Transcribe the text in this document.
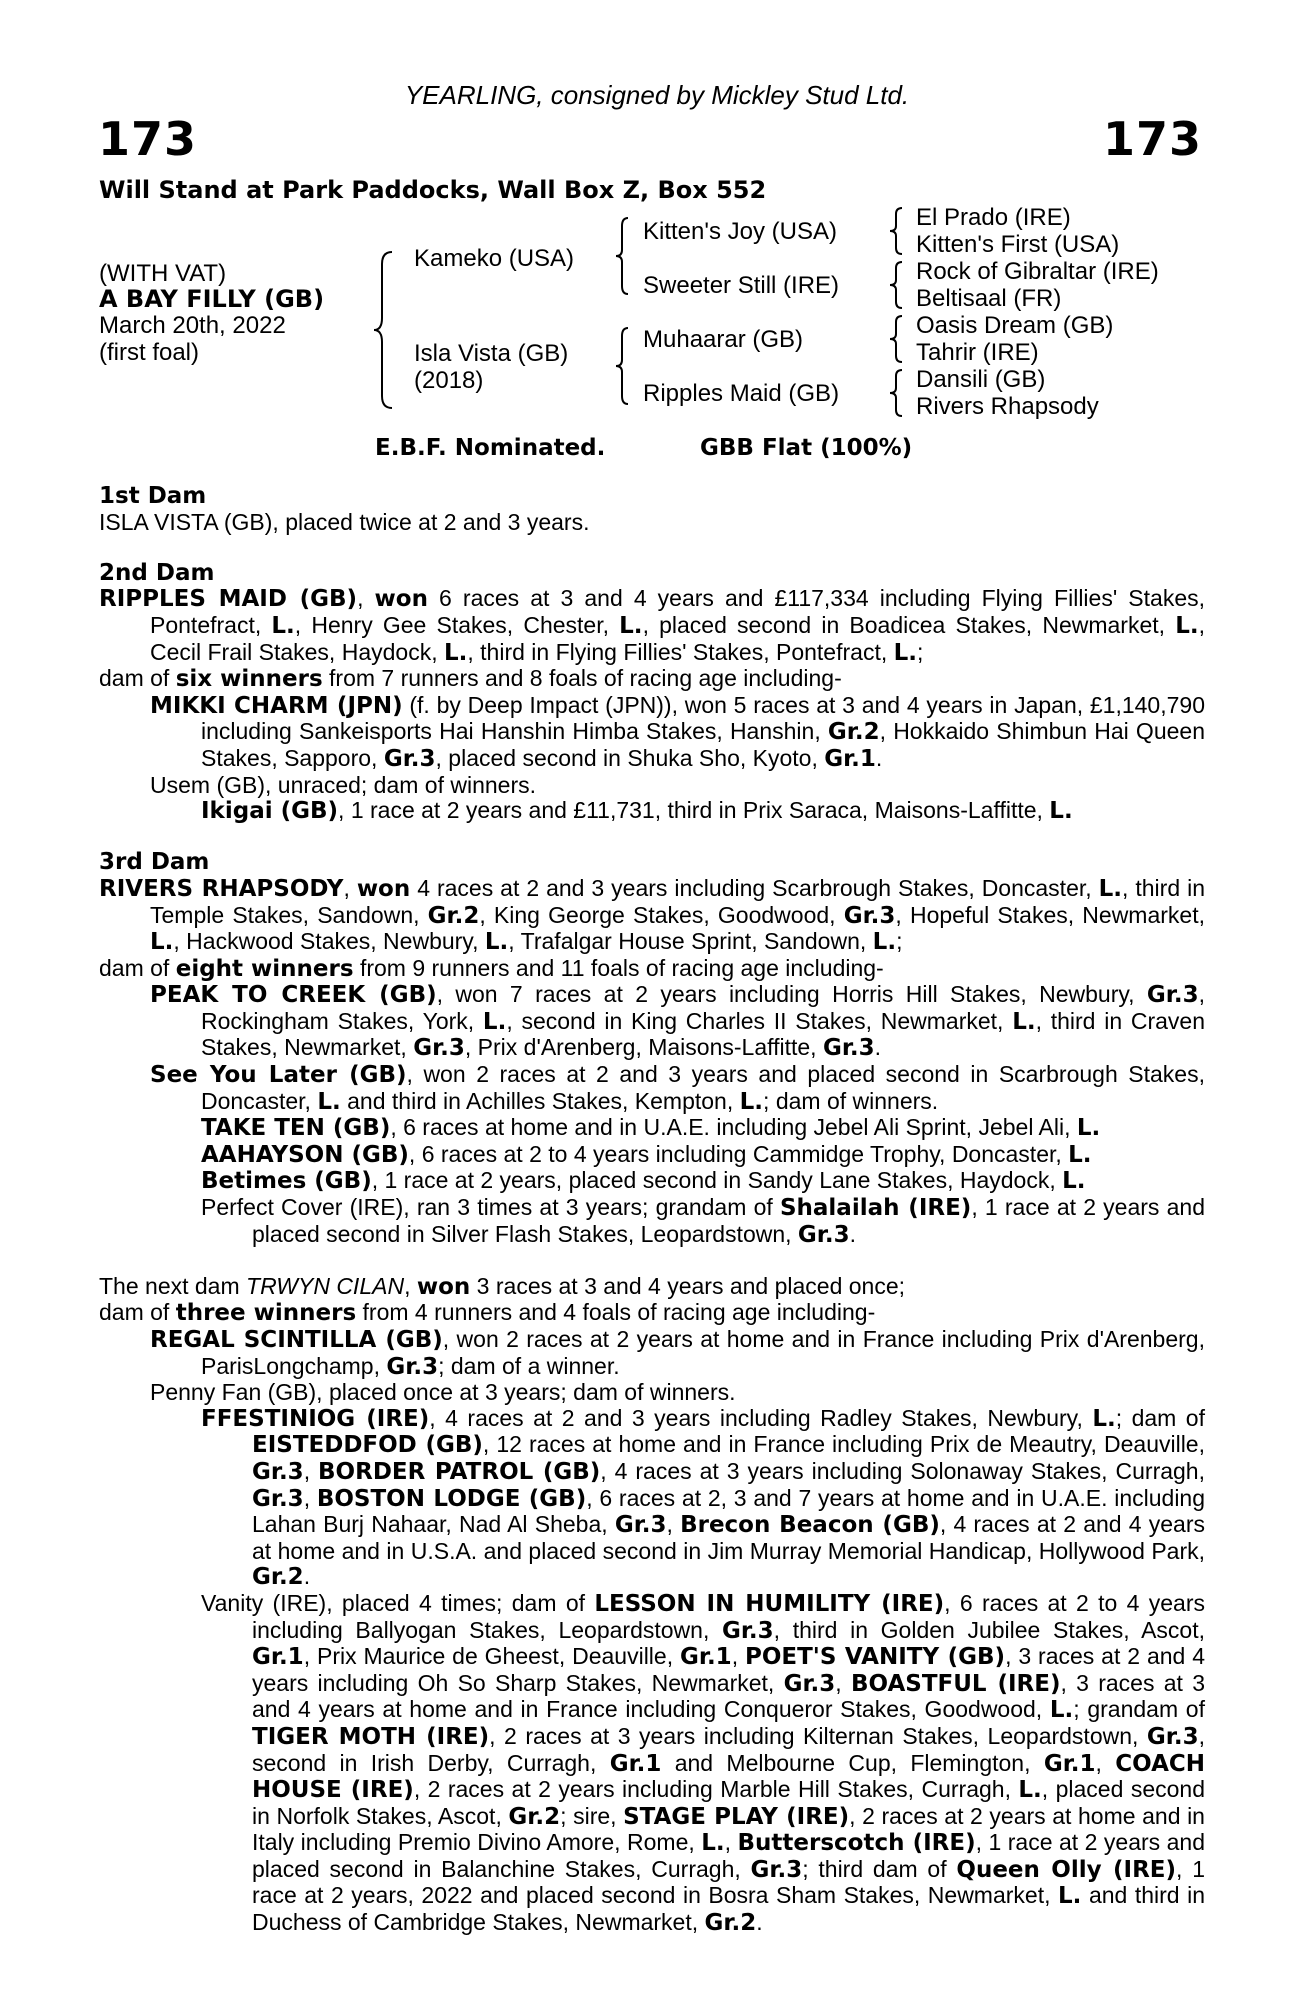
YEARLING, consigned by Mickley Stud Ltd.
173	173
Will Stand at Park Paddocks, Wall Box Z, Box 552
(WITH VAT)
A BAY FILLY (GB)
March 20th, 2022
(first foal)
Kameko (USA)
Isla Vista (GB)
(2018)
Kitten's Joy (USA)
Sweeter Still (IRE)
Muhaarar (GB)
Ripples Maid (GB)
El Prado (IRE)
Kitten's First (USA)
Rock of Gibraltar (IRE)
Beltisaal (FR)
Oasis Dream (GB)
Tahrir (IRE)
Dansili (GB)
Rivers Rhapsody
E.B.F. Nominated.	GBB Flat (100%)

1st Dam

ISLA VISTA (GB), placed twice at 2 and 3 years.

2nd Dam

RIPPLES MAID (GB), won 6 races at 3 and 4 years and £117,334 including Flying Fillies' Stakes, Pontefract, L., Henry Gee Stakes, Chester, L., placed second in Boadicea Stakes, Newmarket, L., Cecil Frail Stakes, Haydock, L., third in Flying Fillies' Stakes, Pontefract, L.;

dam of six winners from 7 runners and 8 foals of racing age including-

MIKKI CHARM (JPN) (f. by Deep Impact (JPN)), won 5 races at 3 and 4 years in Japan, £1,140,790 including Sankeisports Hai Hanshin Himba Stakes, Hanshin, Gr.2, Hokkaido Shimbun Hai Queen Stakes, Sapporo, Gr.3, placed second in Shuka Sho, Kyoto, Gr.1.

Usem (GB), unraced; dam of winners.

Ikigai (GB), 1 race at 2 years and £11,731, third in Prix Saraca, Maisons-Laffitte, L.

3rd Dam

RIVERS RHAPSODY, won 4 races at 2 and 3 years including Scarbrough Stakes, Doncaster, L., third in Temple Stakes, Sandown, Gr.2, King George Stakes, Goodwood, Gr.3, Hopeful Stakes, Newmarket, L., Hackwood Stakes, Newbury, L., Trafalgar House Sprint, Sandown, L.;

dam of eight winners from 9 runners and 11 foals of racing age including-

PEAK TO CREEK (GB), won 7 races at 2 years including Horris Hill Stakes, Newbury, Gr.3, Rockingham Stakes, York, L., second in King Charles II Stakes, Newmarket, L., third in Craven Stakes, Newmarket, Gr.3, Prix d'Arenberg, Maisons-Laffitte, Gr.3.

See You Later (GB), won 2 races at 2 and 3 years and placed second in Scarbrough Stakes, Doncaster, L. and third in Achilles Stakes, Kempton, L.; dam of winners.

TAKE TEN (GB), 6 races at home and in U.A.E. including Jebel Ali Sprint, Jebel Ali, L.

AAHAYSON (GB), 6 races at 2 to 4 years including Cammidge Trophy, Doncaster, L.

Betimes (GB), 1 race at 2 years, placed second in Sandy Lane Stakes, Haydock, L.

Perfect Cover (IRE), ran 3 times at 3 years; grandam of Shalailah (IRE), 1 race at 2 years and placed second in Silver Flash Stakes, Leopardstown, Gr.3.

The next dam TRWYN CILAN, won 3 races at 3 and 4 years and placed once;

dam of three winners from 4 runners and 4 foals of racing age including-

REGAL SCINTILLA (GB), won 2 races at 2 years at home and in France including Prix d'Arenberg, ParisLongchamp, Gr.3; dam of a winner.

Penny Fan (GB), placed once at 3 years; dam of winners.

FFESTINIOG (IRE), 4 races at 2 and 3 years including Radley Stakes, Newbury, L.; dam of EISTEDDFOD (GB), 12 races at home and in France including Prix de Meautry, Deauville, Gr.3, BORDER PATROL (GB), 4 races at 3 years including Solonaway Stakes, Curragh, Gr.3, BOSTON LODGE (GB), 6 races at 2, 3 and 7 years at home and in U.A.E. including Lahan Burj Nahaar, Nad Al Sheba, Gr.3, Brecon Beacon (GB), 4 races at 2 and 4 years at home and in U.S.A. and placed second in Jim Murray Memorial Handicap, Hollywood Park, Gr.2.

Vanity (IRE), placed 4 times; dam of LESSON IN HUMILITY (IRE), 6 races at 2 to 4 years including Ballyogan Stakes, Leopardstown, Gr.3, third in Golden Jubilee Stakes, Ascot, Gr.1, Prix Maurice de Gheest, Deauville, Gr.1, POET'S VANITY (GB), 3 races at 2 and 4 years including Oh So Sharp Stakes, Newmarket, Gr.3, BOASTFUL (IRE), 3 races at 3 and 4 years at home and in France including Conqueror Stakes, Goodwood, L.; grandam of TIGER MOTH (IRE), 2 races at 3 years including Kilternan Stakes, Leopardstown, Gr.3, second in Irish Derby, Curragh, Gr.1 and Melbourne Cup, Flemington, Gr.1, COACH HOUSE (IRE), 2 races at 2 years including Marble Hill Stakes, Curragh, L., placed second in Norfolk Stakes, Ascot, Gr.2; sire, STAGE PLAY (IRE), 2 races at 2 years at home and in Italy including Premio Divino Amore, Rome, L., Butterscotch (IRE), 1 race at 2 years and placed second in Balanchine Stakes, Curragh, Gr.3; third dam of Queen Olly (IRE), 1 race at 2 years, 2022 and placed second in Bosra Sham Stakes, Newmarket, L. and third in Duchess of Cambridge Stakes, Newmarket, Gr.2.
